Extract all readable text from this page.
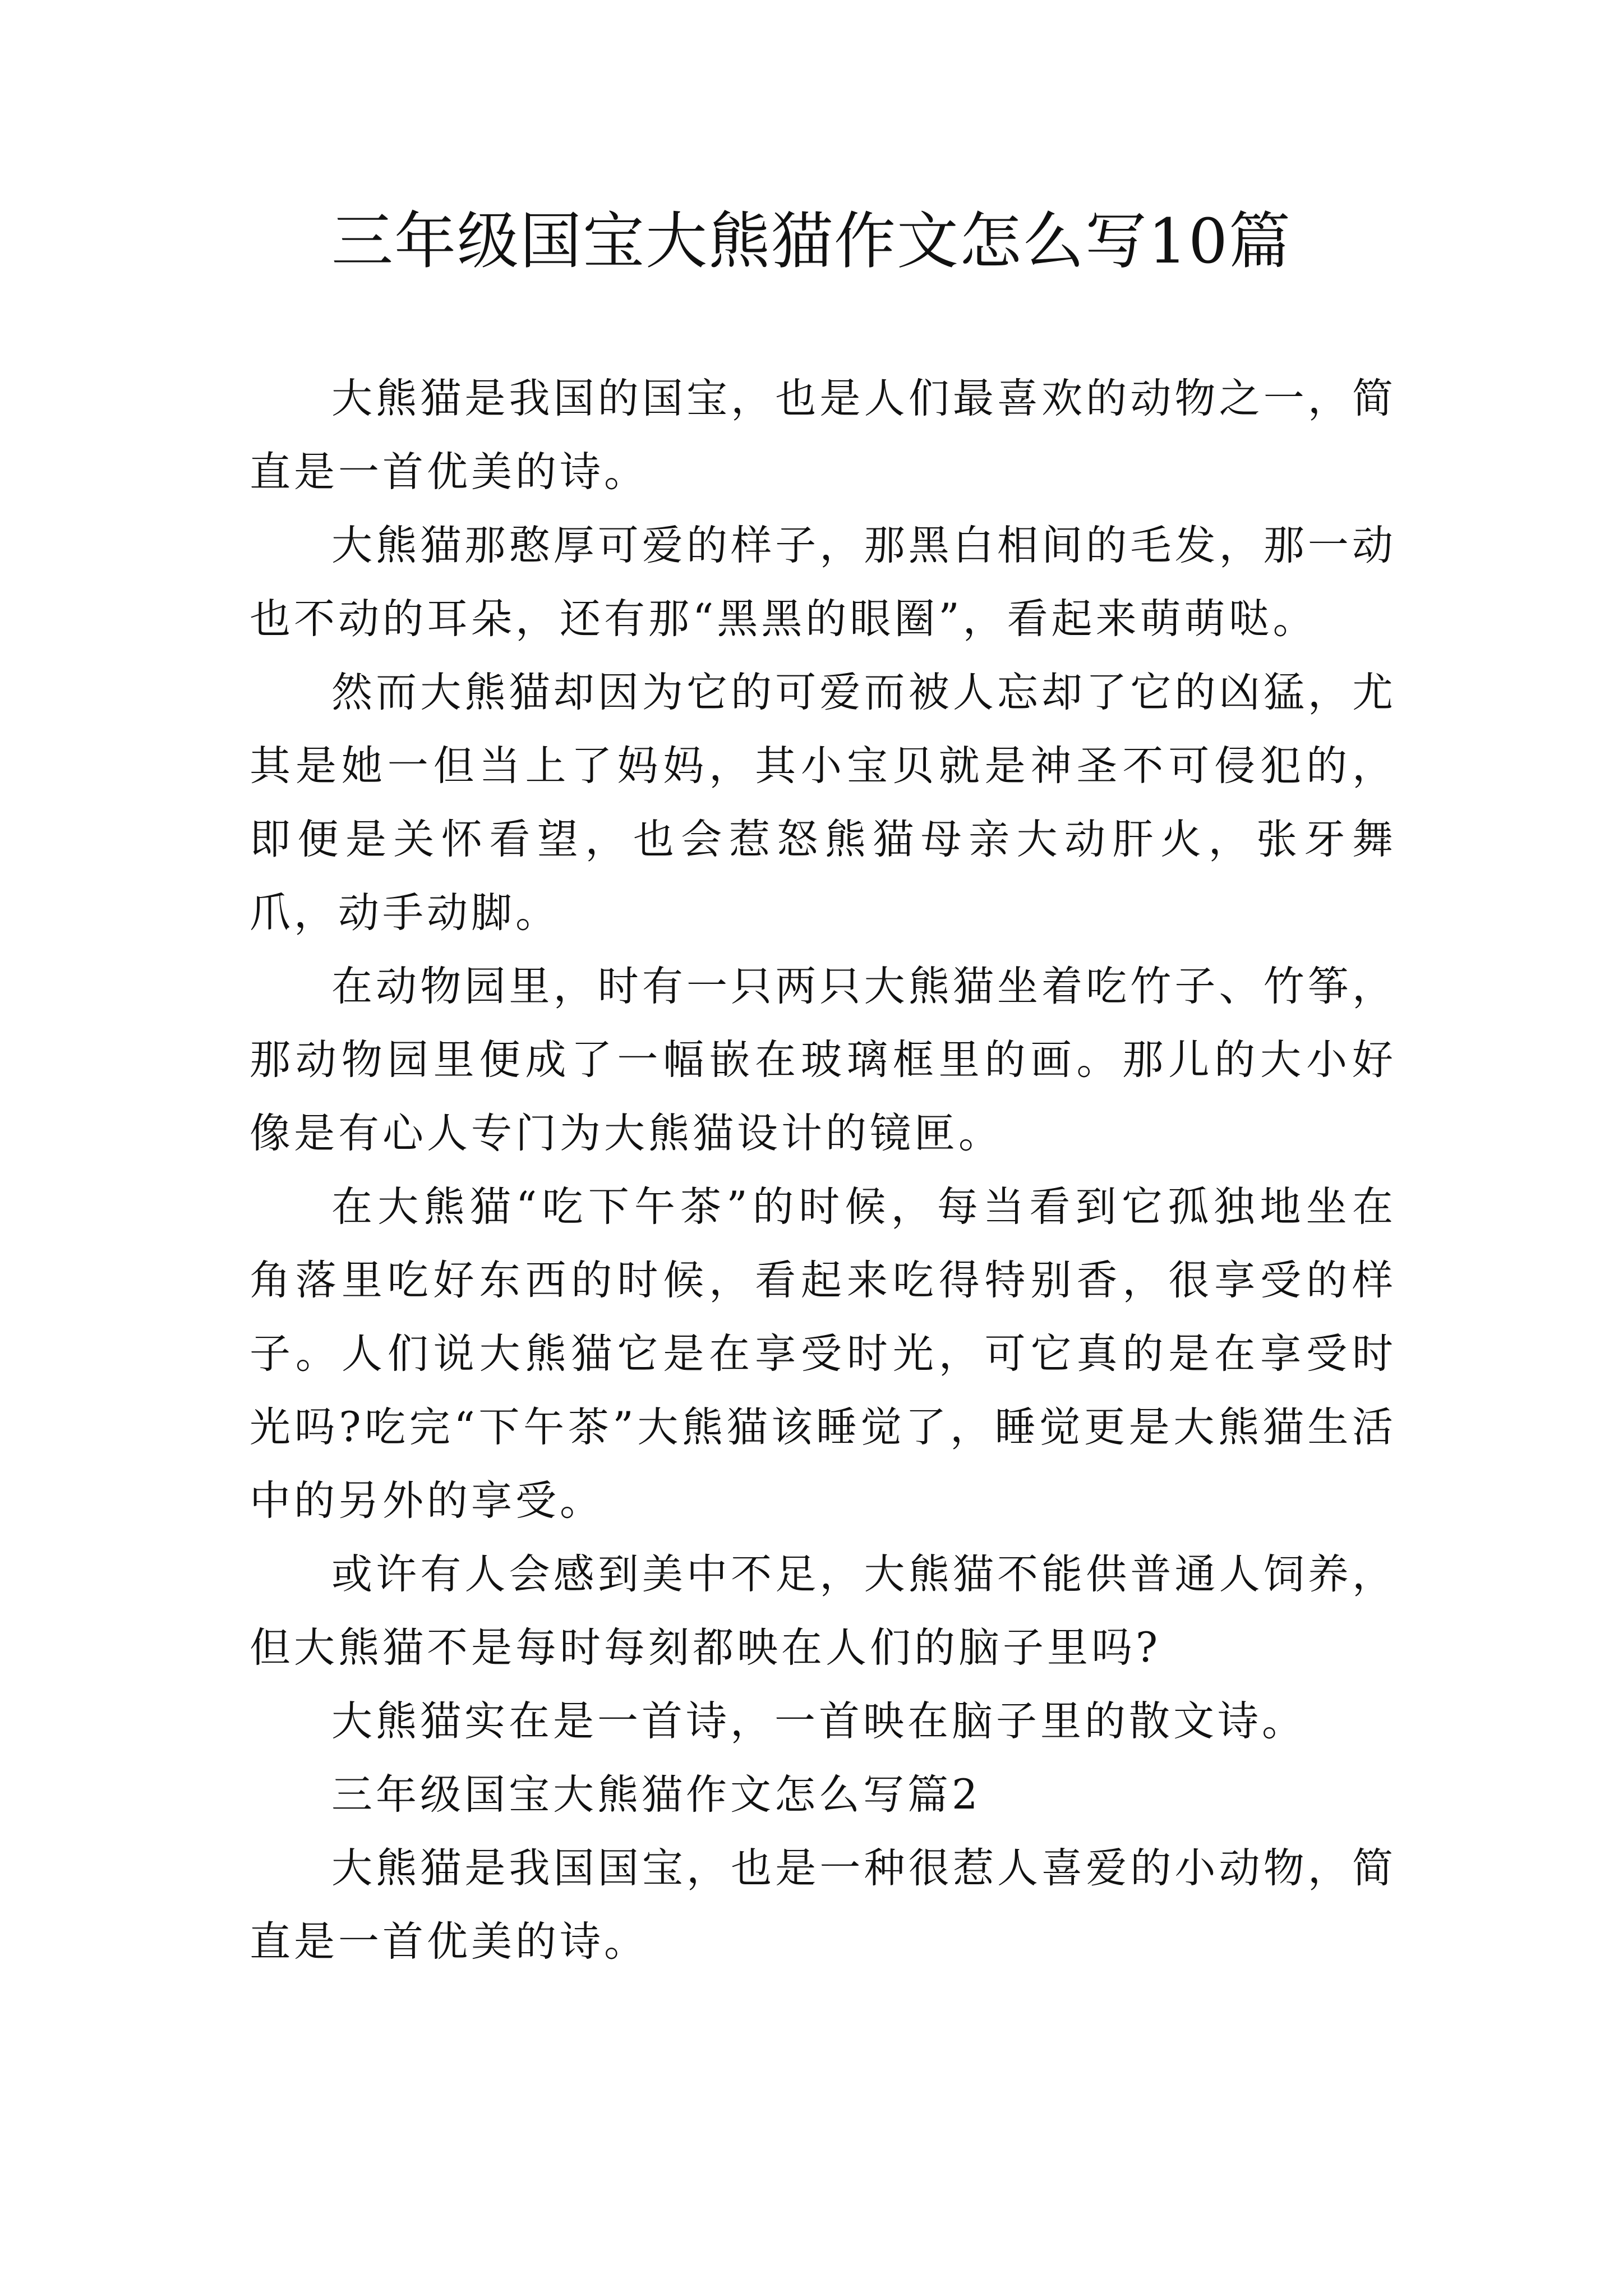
三年级国宝大熊猫作文怎么写10篇

大熊猫是我国的国宝，也是人们最喜欢的动物之一，简直是一首优美的诗。

大熊猫那憨厚可爱的样子，那黑白相间的毛发，那一动也不动的耳朵，还有那“黑黑的眼圈”，看起来萌萌哒。

然而大熊猫却因为它的可爱而被人忘却了它的凶猛，尤其是她一但当上了妈妈，其小宝贝就是神圣不可侵犯的，即便是关怀看望，也会惹怒熊猫母亲大动肝火，张牙舞爪，动手动脚。

在动物园里，时有一只两只大熊猫坐着吃竹子、竹筝，那动物园里便成了一幅嵌在玻璃框里的画。那儿的大小好像是有心人专门为大熊猫设计的镜匣。

在大熊猫“吃下午茶”的时候，每当看到它孤独地坐在角落里吃好东西的时候，看起来吃得特别香，很享受的样子。人们说大熊猫它是在享受时光，可它真的是在享受时光吗?吃完“下午茶”大熊猫该睡觉了，睡觉更是大熊猫生活中的另外的享受。

或许有人会感到美中不足，大熊猫不能供普通人饲养，但大熊猫不是每时每刻都映在人们的脑子里吗?

大熊猫实在是一首诗，一首映在脑子里的散文诗。

三年级国宝大熊猫作文怎么写篇2

大熊猫是我国国宝，也是一种很惹人喜爱的小动物，简直是一首优美的诗。
